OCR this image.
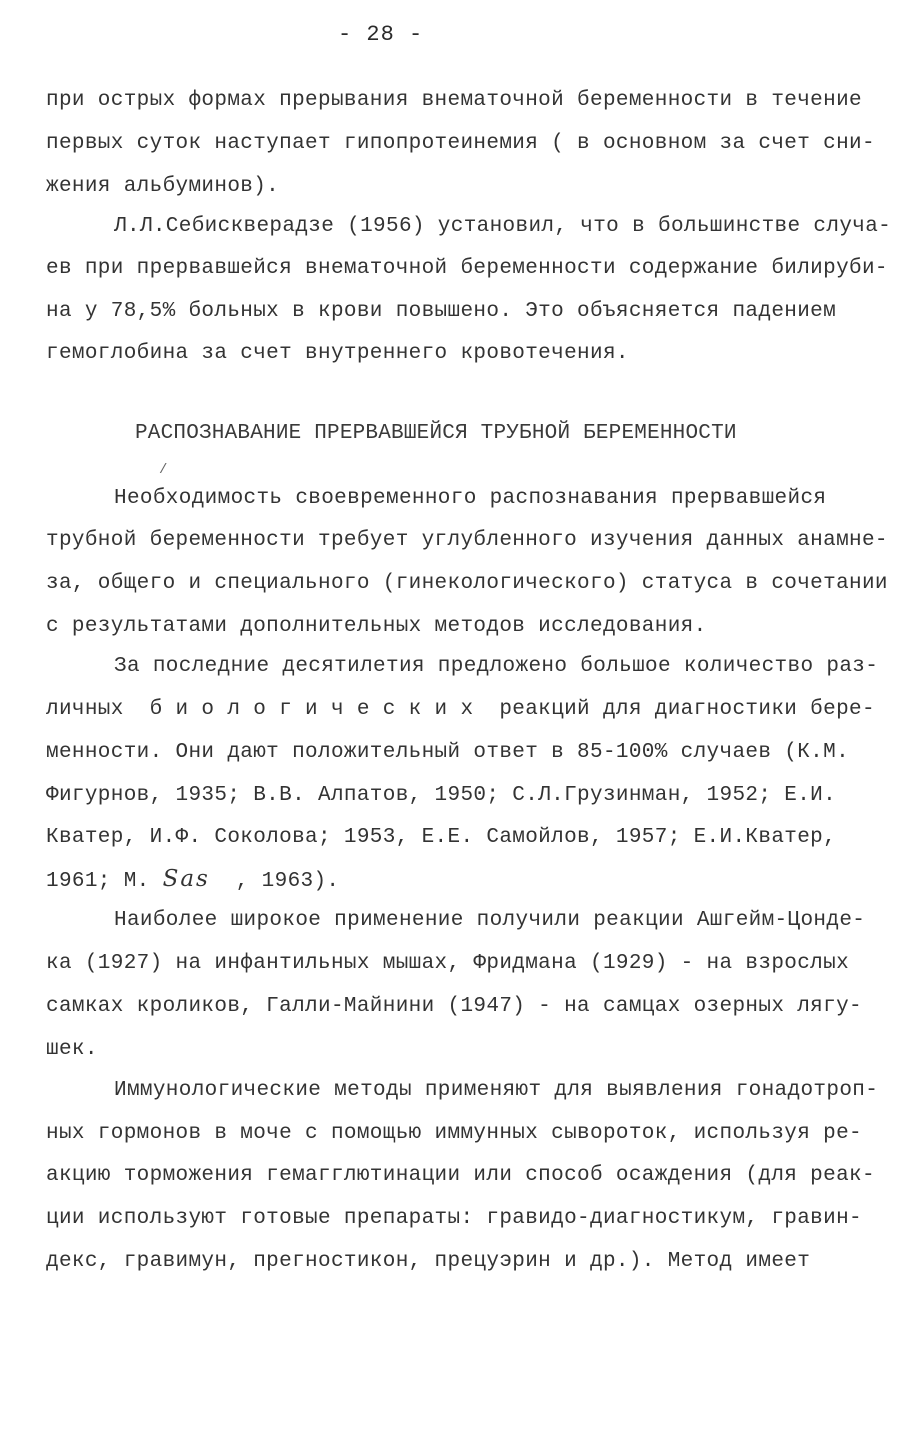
- 28 -
при острых формах прерывания внематочной беременности в течение
первых суток наступает гипопротеинемия ( в основном за счет сни-
жения альбуминов).
Л.Л.Себискверадзе (1956) установил, что в большинстве случа-
ев при прервавшейся внематочной беременности содержание билируби-
на у 78,5% больных в крови повышено. Это объясняется падением
гемоглобина за счет внутреннего кровотечения.
РАСПОЗНАВАНИЕ ПРЕРВАВШЕЙСЯ ТРУБНОЙ БЕРЕМЕННОСТИ
/
Необходимость своевременного распознавания прервавшейся
трубной беременности требует углубленного изучения данных анамне-
за, общего и специального (гинекологического) статуса в сочетании
с результатами дополнительных методов исследования.
За последние десятилетия предложено большое количество раз-
личных  б и о л о г и ч е с к и х  реакций для диагностики бере-
менности. Они дают положительный ответ в 85-100% случаев (К.М.
Фигурнов, 1935; В.В. Алпатов, 1950; С.Л.Грузинман, 1952; Е.И.
Кватер, И.Ф. Соколова; 1953, Е.Е. Самойлов, 1957; Е.И.Кватер,
1961; М. Sas  , 1963).
Наиболее широкое применение получили реакции Ашгейм-Цонде-
ка (1927) на инфантильных мышах, Фридмана (1929) - на взрослых
самках кроликов, Галли-Майнини (1947) - на самцах озерных лягу-
шек.
Иммунологические методы применяют для выявления гонадотроп-
ных гормонов в моче с помощью иммунных сывороток, используя ре-
акцию торможения гемагглютинации или способ осаждения (для реак-
ции используют готовые препараты: гравидо-диагностикум, гравин-
декс, гравимун, прегностикон, прецуэрин и др.). Метод имеет
